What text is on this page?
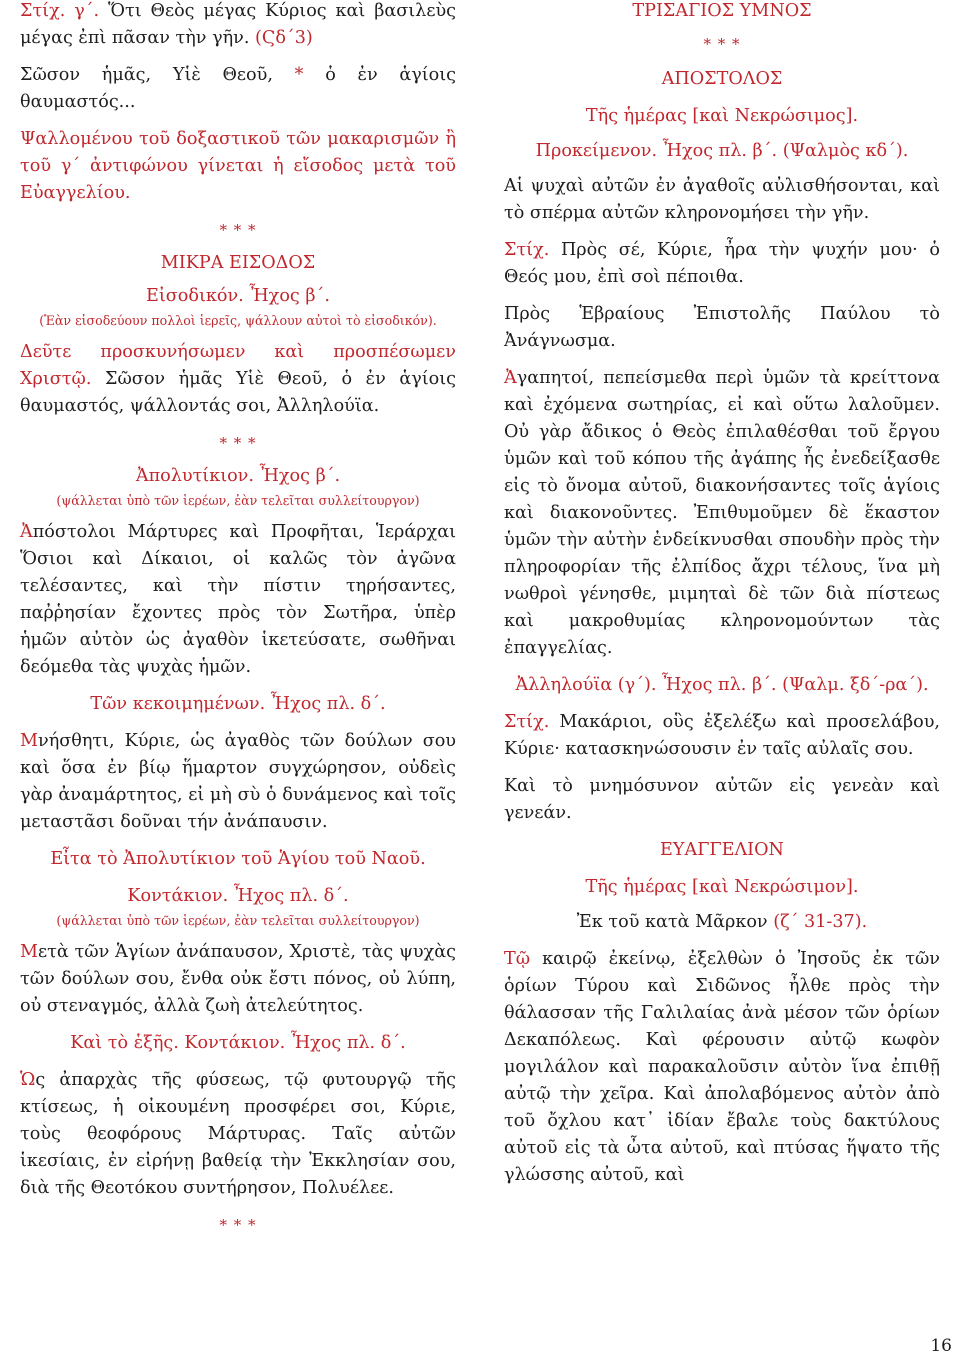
Στίχ. γ΄. Ὅτι Θεὸς μέγας Κύριος καὶ βασιλεὺς μέγας ἐπὶ πᾶσαν τὴν γῆν. (Ϛδ΄3)

Σῶσον ἡμᾶς, Υἱὲ Θεοῦ, * ὁ ἐν ἁγίοις θαυμαστός...

Ψαλλομένου τοῦ δοξαστικοῦ τῶν μακαρισμῶν ἢ τοῦ γ΄ ἀντιφώνου γίνεται ἡ εἴσοδος μετὰ τοῦ Εὐαγγελίου.

* * *

ΜΙΚΡΑ ΕΙΣΟΔΟΣ

Εἰσοδικόν. Ἦχος β΄.

(Ἐὰν εἰσοδεύουν πολλοὶ ἱερεῖς, ψάλλουν αὐτοὶ τὸ εἰσοδικόν).

Δεῦτε προσκυνήσωμεν καὶ προσπέσωμεν Χριστῷ. Σῶσον ἡμᾶς Υἱὲ Θεοῦ, ὁ ἐν ἁγίοις θαυμαστός, ψάλλοντάς σοι, Ἀλληλούϊα.

* * *

Ἀπολυτίκιον. Ἦχος β΄.

(ψάλλεται ὑπὸ τῶν ἱερέων, ἐὰν τελεῖται συλλείτουργον)

Ἀπόστολοι Μάρτυρες καὶ Προφῆται, Ἱεράρχαι Ὅσιοι καὶ Δίκαιοι, οἱ καλῶς τὸν ἀγῶνα τελέσαντες, καὶ τὴν πίστιν τηρήσαντες, παῤῥησίαν ἔχοντες πρὸς τὸν Σωτῆρα, ὑπὲρ ἡμῶν αὐτὸν ὡς ἀγαθὸν ἱκετεύσατε, σωθῆναι δεόμεθα τὰς ψυχὰς ἡμῶν.

Τῶν κεκοιμημένων. Ἦχος πλ. δ΄.

Μνήσθητι, Κύριε, ὡς ἀγαθὸς τῶν δούλων σου καὶ ὅσα ἐν βίῳ ἥμαρτον συγχώρησον, οὐδεὶς γὰρ ἀναμάρτητος, εἰ μὴ σὺ ὁ δυνάμενος καὶ τοῖς μεταστᾶσι δοῦναι τήν ἀνάπαυσιν.

Εἶτα τὸ Ἀπολυτίκιον τοῦ Ἁγίου τοῦ Ναοῦ.

Κοντάκιον. Ἦχος πλ. δ΄.

(ψάλλεται ὑπὸ τῶν ἱερέων, ἐὰν τελεῖται συλλείτουργον)

Μετὰ τῶν Ἁγίων ἀνάπαυσον, Χριστὲ, τὰς ψυχὰς τῶν δούλων σου, ἔνθα οὐκ ἔστι πόνος, οὐ λύπη, οὐ στεναγμός, ἀλλὰ ζωὴ ἀτελεύτητος.

Καὶ τὸ ἑξῆς. Κοντάκιον. Ἦχος πλ. δ΄.

Ὡς ἀπαρχὰς τῆς φύσεως, τῷ φυτουργῷ τῆς κτίσεως, ἡ οἰκουμένη προσφέρει σοι, Κύριε, τοὺς θεοφόρους Μάρτυρας. Ταῖς αὐτῶν ἱκεσίαις, ἐν εἰρήνῃ βαθείᾳ τὴν Ἐκκλησίαν σου, διὰ τῆς Θεοτόκου συντήρησον, Πολυέλεε.

* * *

ΤΡΙΣΑΓΙΟΣ ΥΜΝΟΣ

* * *

ΑΠΟΣΤΟΛΟΣ

Τῆς ἡμέρας [καὶ Νεκρώσιμος].

Προκείμενον. Ἦχος πλ. β΄. (Ψαλμὸς κδ΄).

Αἱ ψυχαὶ αὐτῶν ἐν ἀγαθοῖς αὐλισθήσονται, καὶ τὸ σπέρμα αὐτῶν κληρονομήσει τὴν γῆν.

Στίχ. Πρὸς σέ, Κύριε, ἦρα τὴν ψυχήν μου· ὁ Θεός μου, ἐπὶ σοὶ πέποιθα.

Πρὸς Ἑβραίους Ἐπιστολῆς Παύλου τὸ Ἀνάγνωσμα.

Ἀγαπητοί, πεπείσμεθα περὶ ὑμῶν τὰ κρείττονα καὶ ἐχόμενα σωτηρίας, εἰ καὶ οὕτω λαλοῦμεν. Οὐ γὰρ ἄδικος ὁ Θεὸς ἐπιλαθέσθαι τοῦ ἔργου ὑμῶν καὶ τοῦ κόπου τῆς ἀγάπης ἧς ἐνεδείξασθε εἰς τὸ ὄνομα αὐτοῦ, διακονήσαντες τοῖς ἁγίοις καὶ διακονοῦντες. Ἐπιθυμοῦμεν δὲ ἕκαστον ὑμῶν τὴν αὐτὴν ἐνδείκνυσθαι σπουδὴν πρὸς τὴν πληροφορίαν τῆς ἐλπίδος ἄχρι τέλους, ἵνα μὴ νωθροὶ γένησθε, μιμηταὶ δὲ τῶν διὰ πίστεως καὶ μακροθυμίας κληρονομούντων τὰς ἐπαγγελίας.

Ἀλληλούϊα (γ΄). Ἦχος πλ. β΄. (Ψαλμ. ξδ΄-ρα΄).

Στίχ. Μακάριοι, οὓς ἐξελέξω καὶ προσελάβου, Κύριε· κατασκηνώσουσιν ἐν ταῖς αὐλαῖς σου.

Καὶ τὸ μνημόσυνον αὐτῶν εἰς γενεὰν καὶ γενεάν.

ΕΥΑΓΓΕΛΙΟΝ

Τῆς ἡμέρας [καὶ Νεκρώσιμον].

Ἐκ τοῦ κατὰ Μᾶρκον (ζ΄ 31-37).

Τῷ καιρῷ ἐκείνῳ, ἐξελθὼν ὁ Ἰησοῦς ἐκ τῶν ὁρίων Τύρου καὶ Σιδῶνος ἦλθε πρὸς τὴν θάλασσαν τῆς Γαλιλαίας ἀνὰ μέσον τῶν ὁρίων Δεκαπόλεως. Καὶ φέρουσιν αὐτῷ κωφὸν μογιλάλον καὶ παρακαλοῦσιν αὐτὸν ἵνα ἐπιθῇ αὐτῷ τὴν χεῖρα. Καὶ ἀπολαβόμενος αὐτὸν ἀπὸ τοῦ ὄχλου κατ᾽ ἰδίαν ἔβαλε τοὺς δακτύλους αὐτοῦ εἰς τὰ ὦτα αὐτοῦ, καὶ πτύσας ἥψατο τῆς γλώσσης αὐτοῦ, καὶ

16
